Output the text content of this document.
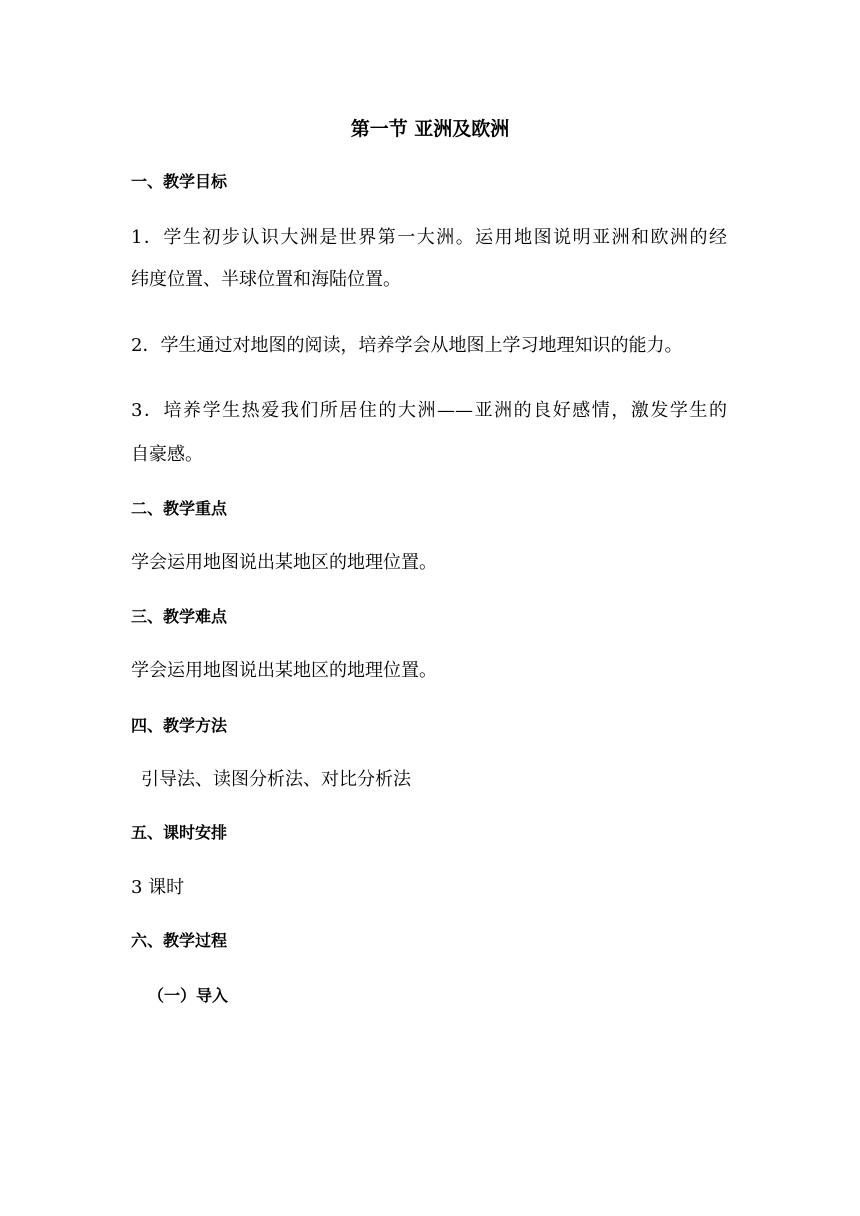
第一节 亚洲及欧洲
一、教学目标
1．学生初步认识大洲是世界第一大洲。运用地图说明亚洲和欧洲的经
纬度位置、半球位置和海陆位置。
2．学生通过对地图的阅读，培养学会从地图上学习地理知识的能力。
3．培养学生热爱我们所居住的大洲——亚洲的良好感情，激发学生的
自豪感。
二、教学重点
学会运用地图说出某地区的地理位置。
三、教学难点
学会运用地图说出某地区的地理位置。
四、教学方法
引导法、读图分析法、对比分析法
五、课时安排
3 课时
六、教学过程
（一）导入
